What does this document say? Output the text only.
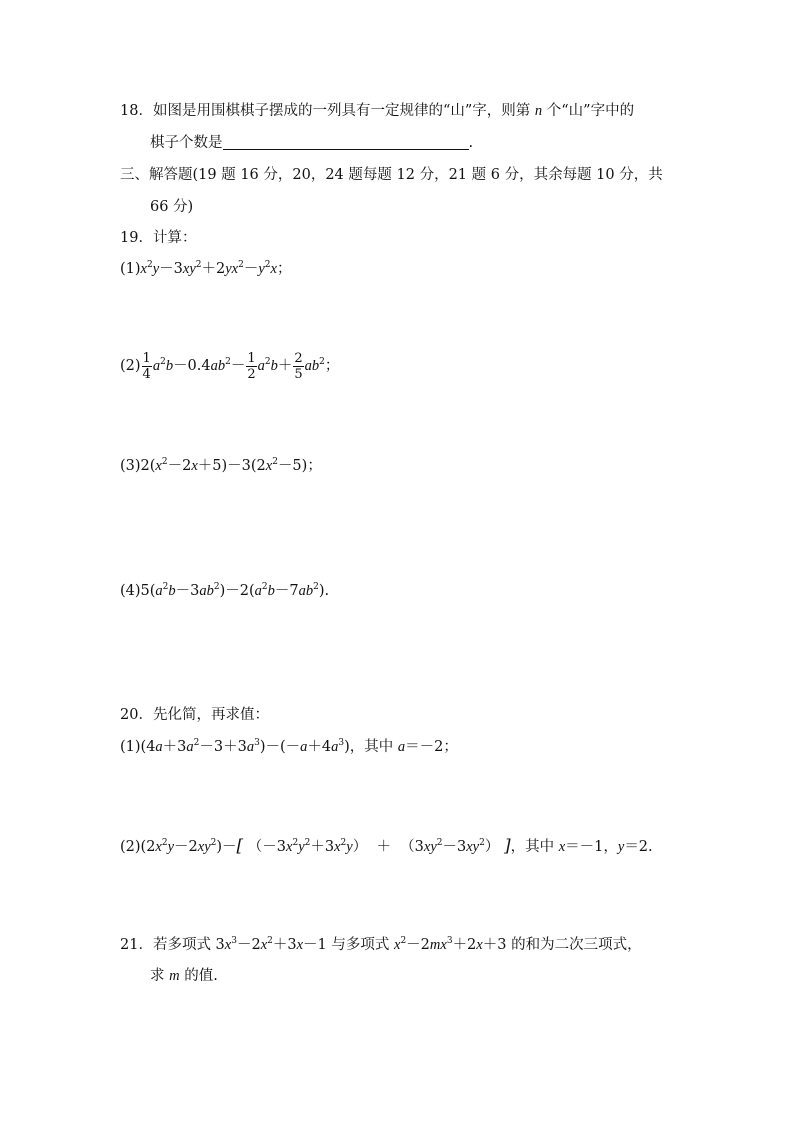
18．如图是用围棋棋子摆成的一列具有一定规律的“山”字，则第 n 个“山”字中的
棋子个数是	.
三、解答题(19 题 16 分，20，24 题每题 12 分，21 题 6 分，其余每题 10 分，共
66 分)
19．计算：
$(1)x^2y-3xy^2+2yx^2-y^2x$；
$(2) \frac{1}{4} a^2b-0.4ab^2- \frac{1}{2} a^2b+ \frac{2}{5} ab^2$；
$(3)2(x^2-2x+5)-3(2x^2-5)$；
$(4)5(a^2b-3ab^2)-2(a^2b-7ab^2)$.
20．先化简，再求值：
$(1)(4a+3a^2-3+3a^3)-(-a+4a^3)$，其中 a＝－2；
$(2)(2x^2y-2xy^2)-$[ $(-3x^2y^2+3x^2y) + (3xy^2-3xy^2)$ ]，其中 x＝－1，y＝2.
21．若多项式 $3x^3-2x^2+3x-1$ 与多项式 $x^2-2mx^3+2x+3$ 的和为二次三项式，
求 m 的值.
